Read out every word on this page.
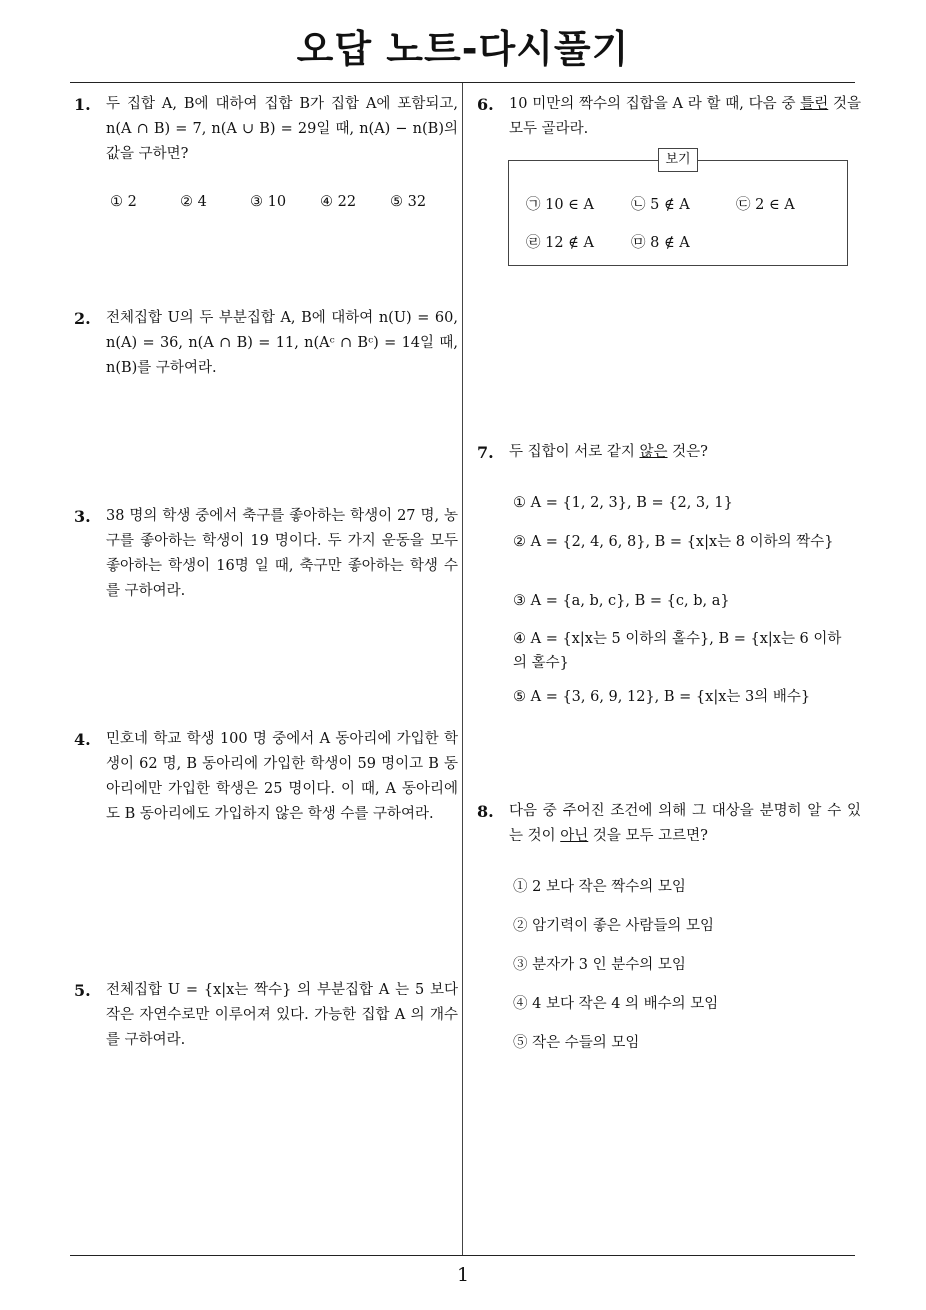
오답 노트-다시풀기
1. 두 집합 A, B에 대하여 집합 B가 집합 A에 포함되고, n(A ∩ B) = 7, n(A ∪ B) = 29일 때, n(A) − n(B)의 값을 구하면?
① 2	② 4	③ 10 ④ 22 ⑤ 32
2. 전체집합 U의 두 부분집합 A, B에 대하여 n(U) = 60, n(A) = 36, n(A ∩ B) = 11, n(Aᶜ ∩ Bᶜ) = 14일 때, n(B)를 구하여라.
3. 38 명의 학생 중에서 축구를 좋아하는 학생이 27 명, 농구를 좋아하는 학생이 19 명이다. 두 가지 운동을 모두 좋아하는 학생이 16명 일 때, 축구만 좋아하는 학생 수를 구하여라.
4. 민호네 학교 학생 100 명 중에서 A 동아리에 가입한 학생이 62 명, B 동아리에 가입한 학생이 59 명이고 B 동아리에만 가입한 학생은 25 명이다. 이 때, A 동아리에도 B 동아리에도 가입하지 않은 학생 수를 구하여라.
5. 전체집합 U = {x|x는 짝수} 의 부분집합 A 는 5 보다 작은 자연수로만 이루어져 있다. 가능한 집합 A 의 개수를 구하여라.
6. 10 미만의 짝수의 집합을 A 라 할 때, 다음 중 틀린 것을 모두 골라라.
보기
㉠ 10 ∈ A	㉡ 5 ∉ A	㉢ 2 ∈ A
㉣ 12 ∉ A	㉤ 8 ∉ A
7. 두 집합이 서로 같지 않은 것은?
① A = {1, 2, 3}, B = {2, 3, 1}
② A = {2, 4, 6, 8}, B = {x|x는 8 이하의 짝수}
③ A = {a, b, c}, B = {c, b, a}
④ A = {x|x는 5 이하의 홀수}, B = {x|x는 6 이하의 홀수}
⑤ A = {3, 6, 9, 12}, B = {x|x는 3의 배수}
8. 다음 중 주어진 조건에 의해 그 대상을 분명히 알 수 있는 것이 아닌 것을 모두 고르면?
① 2 보다 작은 짝수의 모임
② 암기력이 좋은 사람들의 모임
③ 분자가 3 인 분수의 모임
④ 4 보다 작은 4 의 배수의 모임
⑤ 작은 수들의 모임
1
